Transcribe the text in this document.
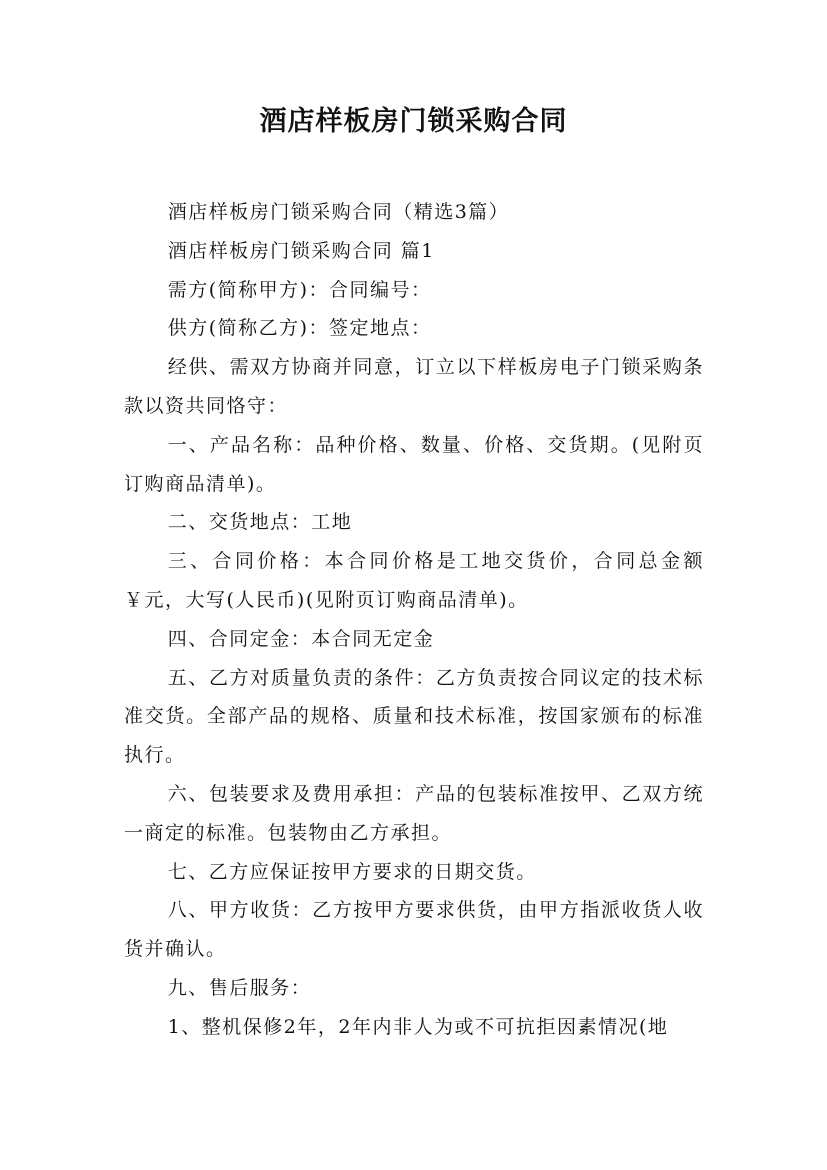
酒店样板房门锁采购合同

酒店样板房门锁采购合同（精选3篇）

酒店样板房门锁采购合同 篇1

需方(简称甲方)：合同编号：

供方(简称乙方)：签定地点：

经供、需双方协商并同意，订立以下样板房电子门锁采购条款以资共同恪守：

一、产品名称：品种价格、数量、价格、交货期。(见附页订购商品清单)。

二、交货地点：工地

三、合同价格：本合同价格是工地交货价，合同总金额￥元，大写(人民币)(见附页订购商品清单)。

四、合同定金：本合同无定金

五、乙方对质量负责的条件：乙方负责按合同议定的技术标准交货。全部产品的规格、质量和技术标准，按国家颁布的标准执行。

六、包装要求及费用承担：产品的包装标准按甲、乙双方统一商定的标准。包装物由乙方承担。

七、乙方应保证按甲方要求的日期交货。

八、甲方收货：乙方按甲方要求供货，由甲方指派收货人收货并确认。

九、售后服务：

1、整机保修2年，2年内非人为或不可抗拒因素情况(地
